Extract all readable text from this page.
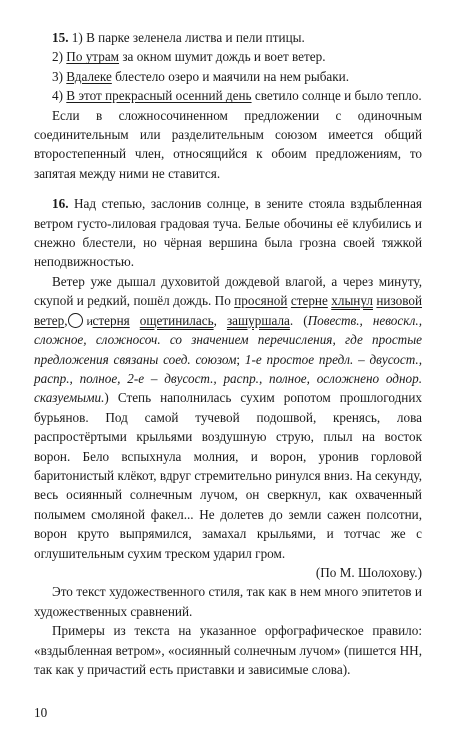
15. 1) В парке зеленела листва и пели птицы.

2) По утрам за окном шумит дождь и воет ветер.

3) Вдалеке блестело озеро и маячили на нем рыбаки.

4) В этот прекрасный осенний день светило солнце и было тепло.

Если в сложносочиненном предложении с одиночным соединительным или разделительным союзом имеется общий второстепенный член, относящийся к обоим предложениям, то запятая между ними не ставится.

16. Над степью, заслонив солнце, в зените стояла вздыбленная ветром густо-лиловая градовая туча. Белые обочины её клубились и снежно блестели, но чёрная вершина была грозна своей тяжкой неподвижностью.

Ветер уже дышал духовитой дождевой влагой, а через минуту, скупой и редкий, пошёл дождь. По просяной стерне хлынул низовой ветер, и стерня ощетинилась, зашуршала. (Повеств., невоскл., сложное, сложносоч. со значением перечисления, где простые предложения связаны соед. союзом; 1-е простое предл. – двусост., распр., полное, 2-е – двусост., распр., полное, осложнено однор. сказуемыми.) Степь наполнилась сухим ропотом прошлогодних бурьянов. Под самой тучевой подошвой, кренясь, лова распростёртыми крыльями воздушную струю, плыл на восток ворон. Бело вспыхнула молния, и ворон, уронив горловой баритонистый клёкот, вдруг стремительно ринулся вниз. На секунду, весь осиянный солнечным лучом, он сверкнул, как охваченный полымем смоляной факел... Не долетев до земли сажен полсотни, ворон круто выпрямился, замахал крыльями, и тотчас же с оглушительным сухим треском ударил гром.

(По М. Шолохову.)

Это текст художественного стиля, так как в нем много эпитетов и художественных сравнений.

Примеры из текста на указанное орфографическое правило: «вздыбленная ветром», «осиянный солнечным лучом» (пишется НН, так как у причастий есть приставки и зависимые слова).

10
